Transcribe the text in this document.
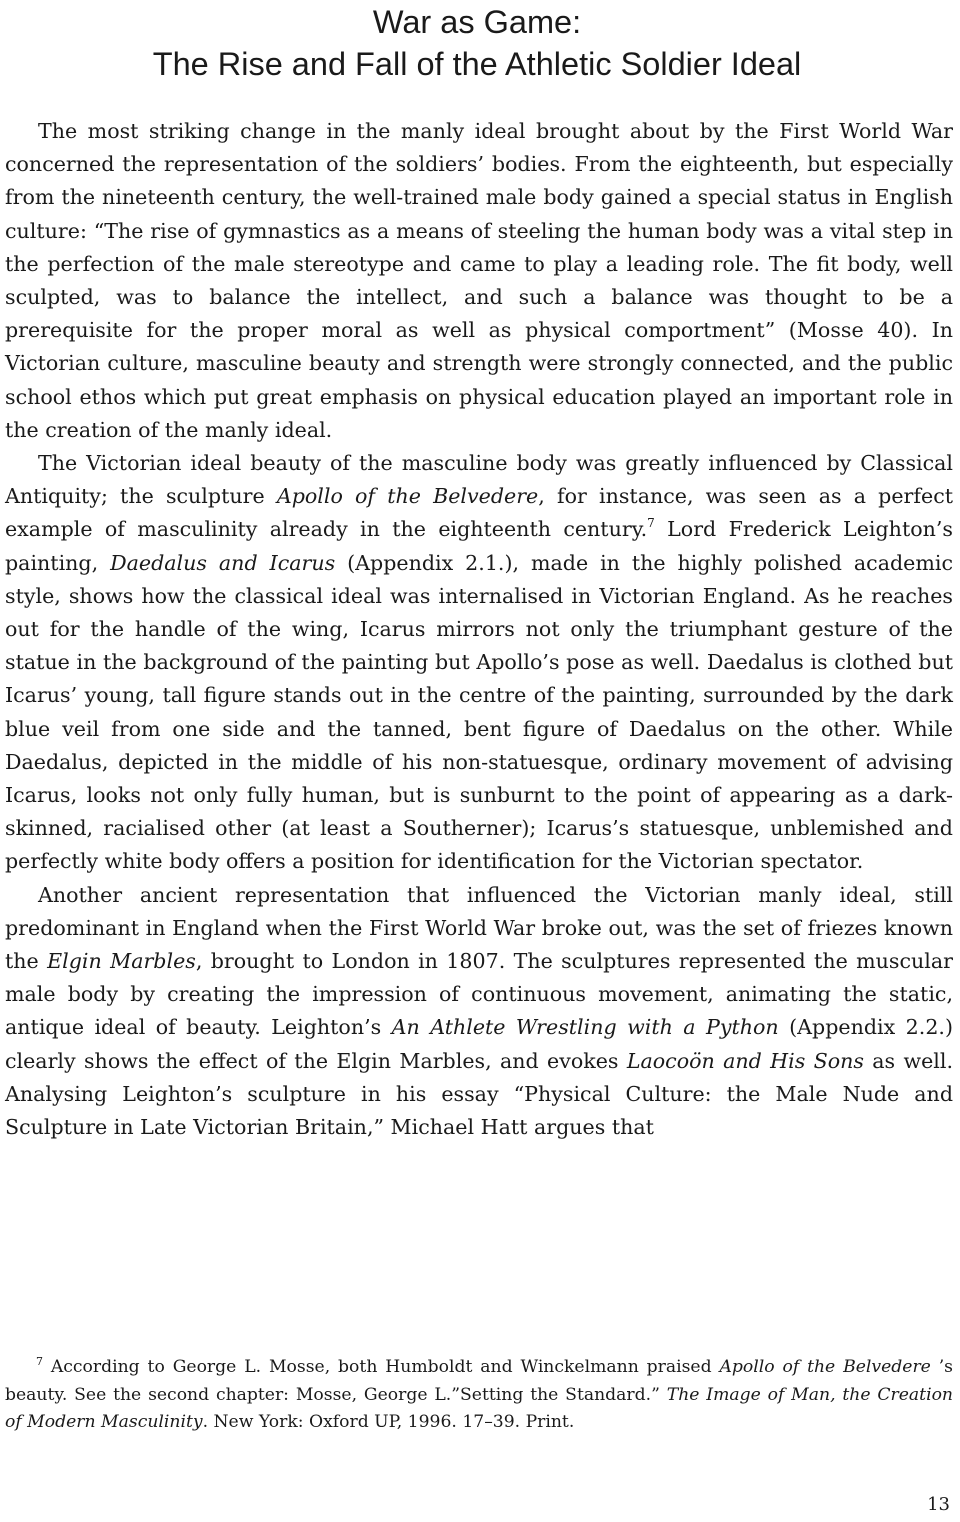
War as Game:
The Rise and Fall of the Athletic Soldier Ideal

The most striking change in the manly ideal brought about by the First World War concerned the representation of the soldiers’ bodies. From the eighteenth, but especially from the nineteenth century, the well-trained male body gained a special status in English culture: “The rise of gymnastics as a means of steeling the human body was a vital step in the perfection of the male stereotype and came to play a leading role. The fit body, well sculpted, was to balance the intellect, and such a balance was thought to be a prerequisite for the proper moral as well as physical comportment” (Mosse 40). In Victorian culture, masculine beauty and strength were strongly connected, and the public school ethos which put great emphasis on physical education played an important role in the creation of the manly ideal.

The Victorian ideal beauty of the masculine body was greatly influenced by Classical Antiquity; the sculpture Apollo of the Belvedere, for instance, was seen as a perfect example of masculinity already in the eighteenth century.$^7$ Lord Frederick Leighton’s painting, Daedalus and Icarus (Appendix 2.1.), made in the highly polished academic style, shows how the classical ideal was internalised in Victorian England. As he reaches out for the handle of the wing, Icarus mirrors not only the triumphant gesture of the statue in the background of the painting but Apollo’s pose as well. Daedalus is clothed but Icarus’ young, tall figure stands out in the centre of the painting, surrounded by the dark blue veil from one side and the tanned, bent figure of Daedalus on the other. While Daedalus, depicted in the middle of his non-statuesque, ordinary movement of advising Icarus, looks not only fully human, but is sunburnt to the point of appearing as a dark-skinned, racialised other (at least a Southerner); Icarus’s statuesque, unblemished and perfectly white body offers a position for identification for the Victorian spectator.

Another ancient representation that influenced the Victorian manly ideal, still predominant in England when the First World War broke out, was the set of friezes known the Elgin Marbles, brought to London in 1807. The sculptures represented the muscular male body by creating the impression of continuous movement, animating the static, antique ideal of beauty. Leighton’s An Athlete Wrestling with a Python (Appendix 2.2.) clearly shows the effect of the Elgin Marbles, and evokes Laocoön and His Sons as well. Analysing Leighton’s sculpture in his essay “Physical Culture: the Male Nude and Sculpture in Late Victorian Britain,” Michael Hatt argues that

$^7$ According to George L. Mosse, both Humboldt and Winckelmann praised Apollo of the Belvedere ’s beauty. See the second chapter: Mosse, George L.”Setting the Standard.” The Image of Man, the Creation of Modern Masculinity. New York: Oxford UP, 1996. 17–39. Print.

13
